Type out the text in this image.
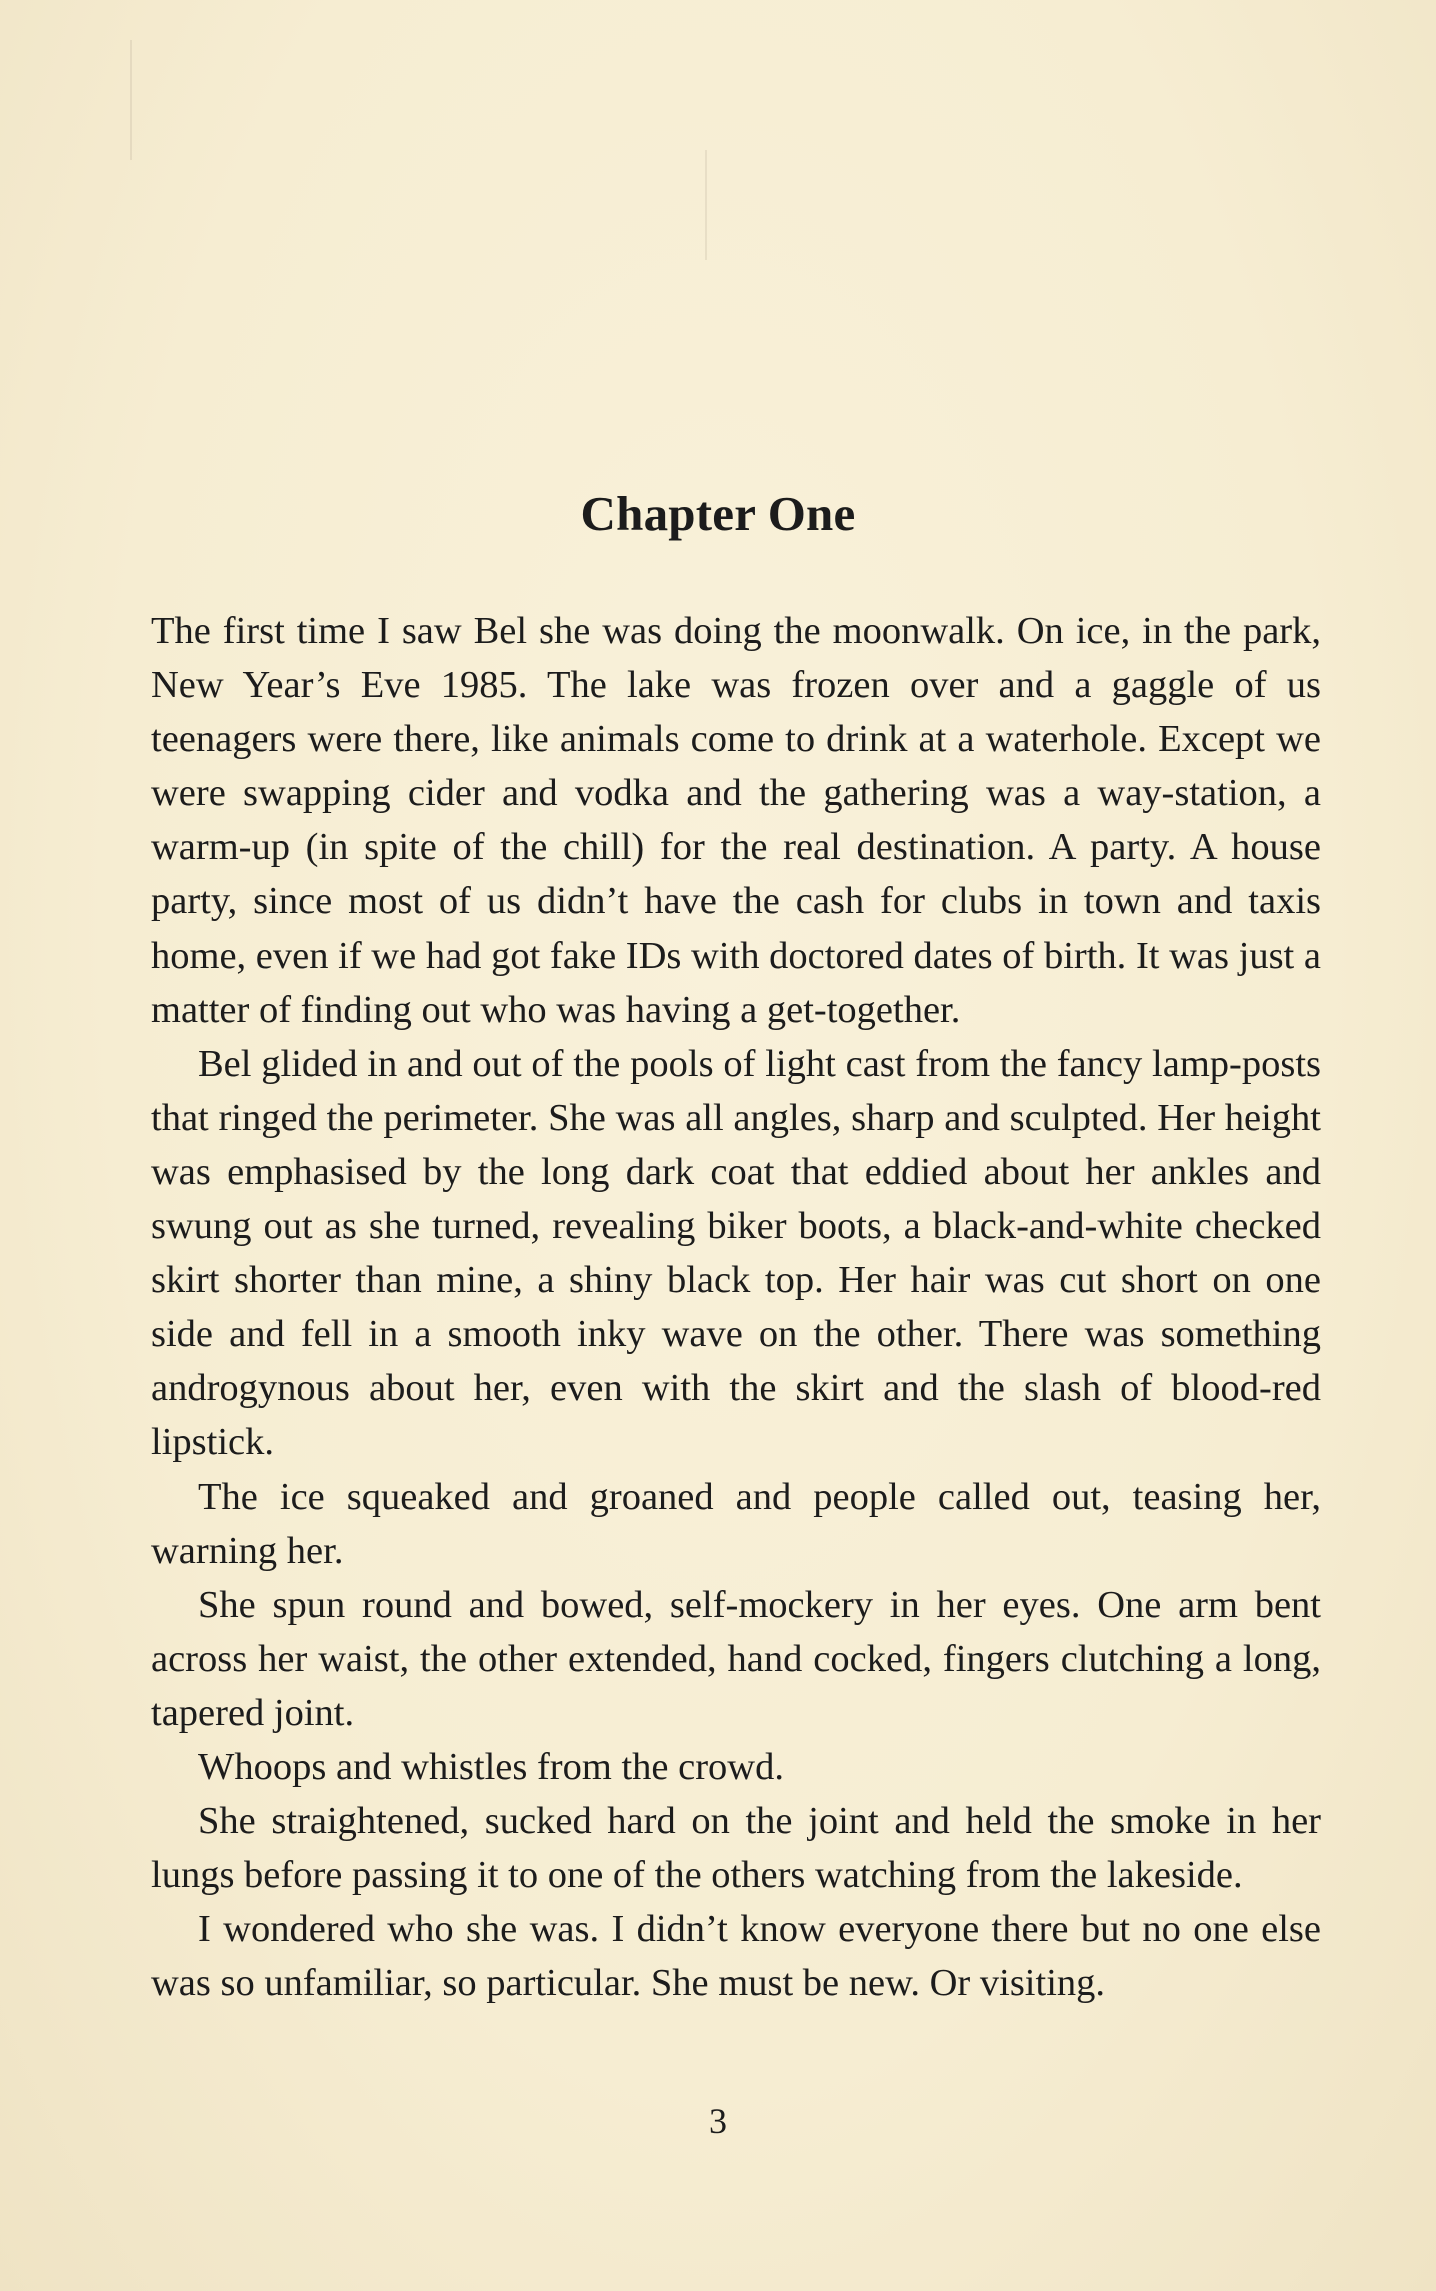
Chapter One

The first time I saw Bel she was doing the moonwalk. On ice, in the park, New Year’s Eve 1985. The lake was frozen over and a gaggle of us teenagers were there, like animals come to drink at a waterhole. Except we were swapping cider and vodka and the gathering was a way-station, a warm-up (in spite of the chill) for the real destination. A party. A house party, since most of us didn’t have the cash for clubs in town and taxis home, even if we had got fake IDs with doctored dates of birth. It was just a matter of finding out who was having a get-together.

Bel glided in and out of the pools of light cast from the fancy lamp-posts that ringed the perimeter. She was all angles, sharp and sculpted. Her height was emphasised by the long dark coat that eddied about her ankles and swung out as she turned, revealing biker boots, a black-and-white checked skirt shorter than mine, a shiny black top. Her hair was cut short on one side and fell in a smooth inky wave on the other. There was something androgynous about her, even with the skirt and the slash of blood-red lipstick.

The ice squeaked and groaned and people called out, teasing her, warning her.

She spun round and bowed, self-mockery in her eyes. One arm bent across her waist, the other extended, hand cocked, fingers clutching a long, tapered joint.

Whoops and whistles from the crowd.

She straightened, sucked hard on the joint and held the smoke in her lungs before passing it to one of the others watching from the lakeside.

I wondered who she was. I didn’t know everyone there but no one else was so unfamiliar, so particular. She must be new. Or visiting.

3
